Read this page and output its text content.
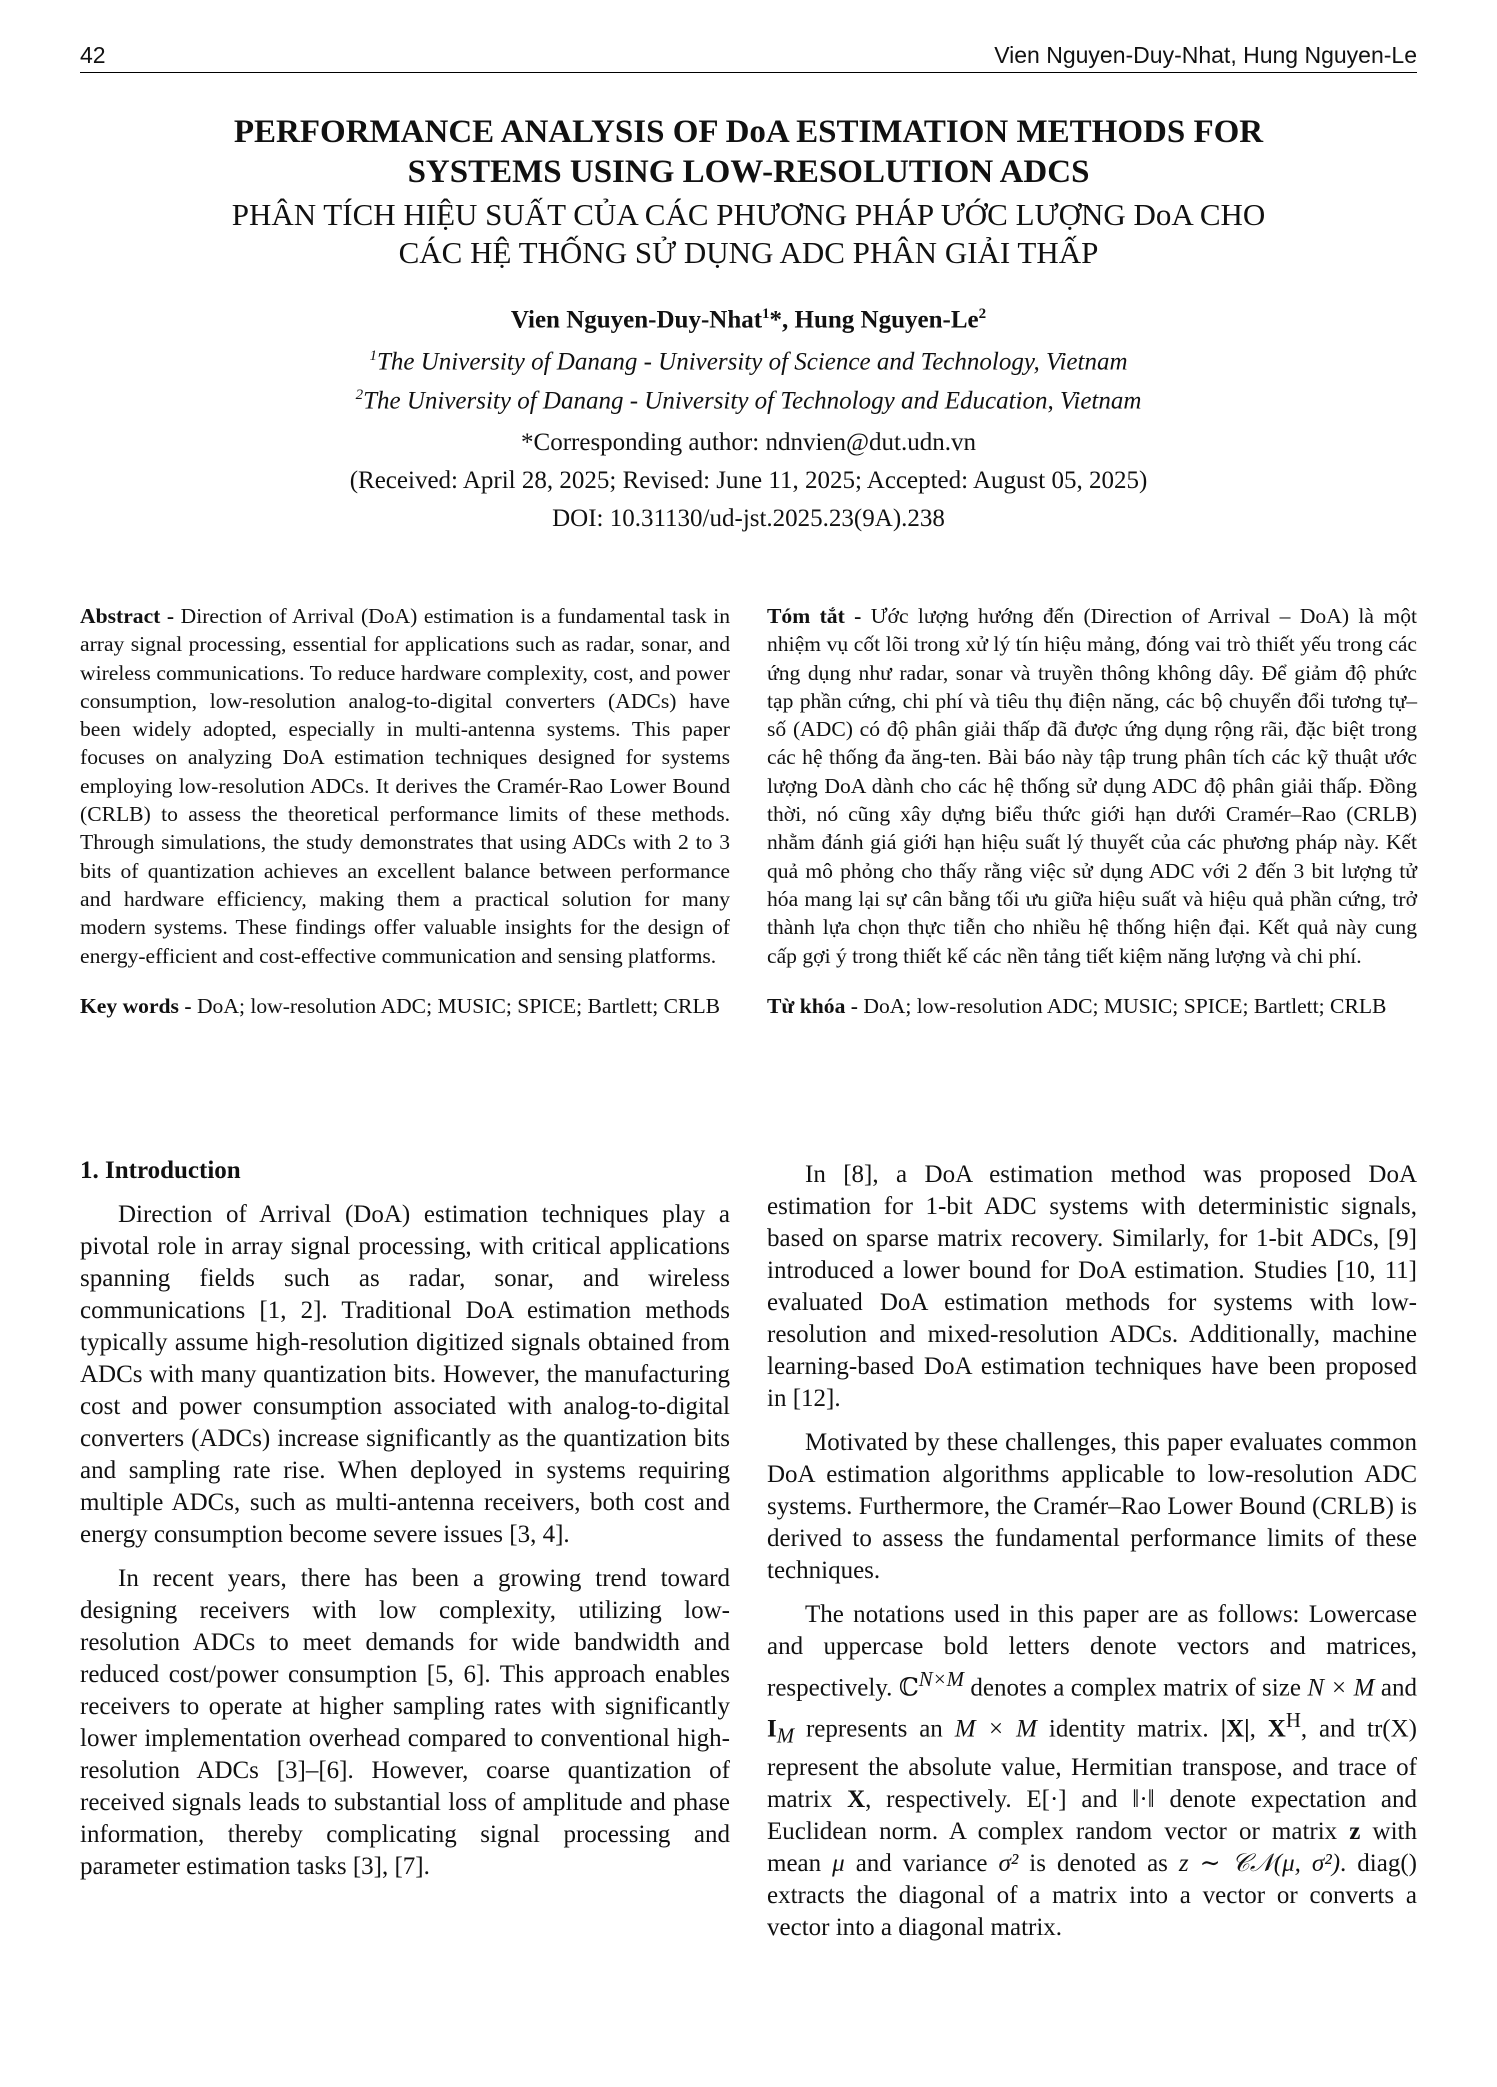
42	Vien Nguyen-Duy-Nhat, Hung Nguyen-Le

PERFORMANCE ANALYSIS OF DoA ESTIMATION METHODS FOR
SYSTEMS USING LOW-RESOLUTION ADCS

PHÂN TÍCH HIỆU SUẤT CỦA CÁC PHƯƠNG PHÁP ƯỚC LƯỢNG DoA CHO
CÁC HỆ THỐNG SỬ DỤNG ADC PHÂN GIẢI THẤP

Vien Nguyen-Duy-Nhat$^1$*, Hung Nguyen-Le$^2$
$^1$The University of Danang - University of Science and Technology, Vietnam
$^2$The University of Danang - University of Technology and Education, Vietnam
*Corresponding author: ndnvien@dut.udn.vn
(Received: April 28, 2025; Revised: June 11, 2025; Accepted: August 05, 2025)
DOI: 10.31130/ud-jst.2025.23(9A).238

Abstract - Direction of Arrival (DoA) estimation is a fundamental task in array signal processing, essential for applications such as radar, sonar, and wireless communications. To reduce hardware complexity, cost, and power consumption, low-resolution analog-to-digital converters (ADCs) have been widely adopted, especially in multi-antenna systems. This paper focuses on analyzing DoA estimation techniques designed for systems employing low-resolution ADCs. It derives the Cramér-Rao Lower Bound (CRLB) to assess the theoretical performance limits of these methods. Through simulations, the study demonstrates that using ADCs with 2 to 3 bits of quantization achieves an excellent balance between performance and hardware efficiency, making them a practical solution for many modern systems. These findings offer valuable insights for the design of energy-efficient and cost-effective communication and sensing platforms.

Key words - DoA; low-resolution ADC; MUSIC; SPICE; Bartlett; CRLB

Tóm tắt - Ước lượng hướng đến (Direction of Arrival – DoA) là một nhiệm vụ cốt lõi trong xử lý tín hiệu mảng, đóng vai trò thiết yếu trong các ứng dụng như radar, sonar và truyền thông không dây. Để giảm độ phức tạp phần cứng, chi phí và tiêu thụ điện năng, các bộ chuyển đổi tương tự–số (ADC) có độ phân giải thấp đã được ứng dụng rộng rãi, đặc biệt trong các hệ thống đa ăng-ten. Bài báo này tập trung phân tích các kỹ thuật ước lượng DoA dành cho các hệ thống sử dụng ADC độ phân giải thấp. Đồng thời, nó cũng xây dựng biểu thức giới hạn dưới Cramér–Rao (CRLB) nhằm đánh giá giới hạn hiệu suất lý thuyết của các phương pháp này. Kết quả mô phỏng cho thấy rằng việc sử dụng ADC với 2 đến 3 bit lượng tử hóa mang lại sự cân bằng tối ưu giữa hiệu suất và hiệu quả phần cứng, trở thành lựa chọn thực tiễn cho nhiều hệ thống hiện đại. Kết quả này cung cấp gợi ý trong thiết kế các nền tảng tiết kiệm năng lượng và chi phí.

Từ khóa - DoA; low-resolution ADC; MUSIC; SPICE; Bartlett; CRLB

1. Introduction

Direction of Arrival (DoA) estimation techniques play a pivotal role in array signal processing, with critical applications spanning fields such as radar, sonar, and wireless communications [1, 2]. Traditional DoA estimation methods typically assume high-resolution digitized signals obtained from ADCs with many quantization bits. However, the manufacturing cost and power consumption associated with analog-to-digital converters (ADCs) increase significantly as the quantization bits and sampling rate rise. When deployed in systems requiring multiple ADCs, such as multi-antenna receivers, both cost and energy consumption become severe issues [3, 4].

In recent years, there has been a growing trend toward designing receivers with low complexity, utilizing low-resolution ADCs to meet demands for wide bandwidth and reduced cost/power consumption [5, 6]. This approach enables receivers to operate at higher sampling rates with significantly lower implementation overhead compared to conventional high-resolution ADCs [3]–[6]. However, coarse quantization of received signals leads to substantial loss of amplitude and phase information, thereby complicating signal processing and parameter estimation tasks [3], [7].

In [8], a DoA estimation method was proposed DoA estimation for 1-bit ADC systems with deterministic signals, based on sparse matrix recovery. Similarly, for 1-bit ADCs, [9] introduced a lower bound for DoA estimation. Studies [10, 11] evaluated DoA estimation methods for systems with low-resolution and mixed-resolution ADCs. Additionally, machine learning-based DoA estimation techniques have been proposed in [12].

Motivated by these challenges, this paper evaluates common DoA estimation algorithms applicable to low-resolution ADC systems. Furthermore, the Cramér–Rao Lower Bound (CRLB) is derived to assess the fundamental performance limits of these techniques.

The notations used in this paper are as follows: Lowercase and uppercase bold letters denote vectors and matrices, respectively. ℂ$^{N\times M}$ denotes a complex matrix of size N × M and $I_M$ represents an M × M identity matrix. |X|, $X^H$, and tr(X) represent the absolute value, Hermitian transpose, and trace of matrix X, respectively. E[·] and ‖·‖ denote expectation and Euclidean norm. A complex random vector or matrix z with mean μ and variance σ² is denoted as z ∼ 𝒞𝒩(μ, σ²). diag() extracts the diagonal of a matrix into a vector or converts a vector into a diagonal matrix.
